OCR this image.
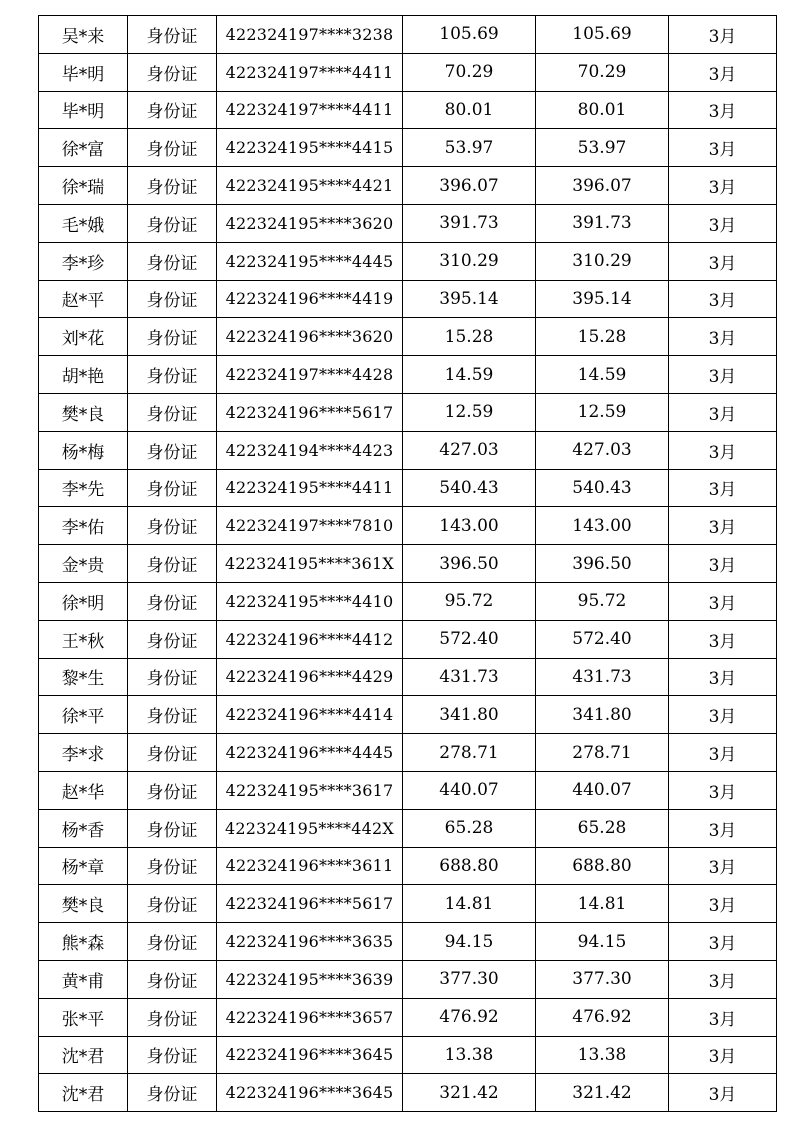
吴*来	身份证	422324197****3238	105.69	105.69	3月
毕*明	身份证	422324197****4411	70.29	70.29	3月
毕*明	身份证	422324197****4411	80.01	80.01	3月
徐*富	身份证	422324195****4415	53.97	53.97	3月
徐*瑞	身份证	422324195****4421	396.07	396.07	3月
毛*娥	身份证	422324195****3620	391.73	391.73	3月
李*珍	身份证	422324195****4445	310.29	310.29	3月
赵*平	身份证	422324196****4419	395.14	395.14	3月
刘*花	身份证	422324196****3620	15.28	15.28	3月
胡*艳	身份证	422324197****4428	14.59	14.59	3月
樊*良	身份证	422324196****5617	12.59	12.59	3月
杨*梅	身份证	422324194****4423	427.03	427.03	3月
李*先	身份证	422324195****4411	540.43	540.43	3月
李*佑	身份证	422324197****7810	143.00	143.00	3月
金*贵	身份证	422324195****361X	396.50	396.50	3月
徐*明	身份证	422324195****4410	95.72	95.72	3月
王*秋	身份证	422324196****4412	572.40	572.40	3月
黎*生	身份证	422324196****4429	431.73	431.73	3月
徐*平	身份证	422324196****4414	341.80	341.80	3月
李*求	身份证	422324196****4445	278.71	278.71	3月
赵*华	身份证	422324195****3617	440.07	440.07	3月
杨*香	身份证	422324195****442X	65.28	65.28	3月
杨*章	身份证	422324196****3611	688.80	688.80	3月
樊*良	身份证	422324196****5617	14.81	14.81	3月
熊*森	身份证	422324196****3635	94.15	94.15	3月
黄*甫	身份证	422324195****3639	377.30	377.30	3月
张*平	身份证	422324196****3657	476.92	476.92	3月
沈*君	身份证	422324196****3645	13.38	13.38	3月
沈*君	身份证	422324196****3645	321.42	321.42	3月
